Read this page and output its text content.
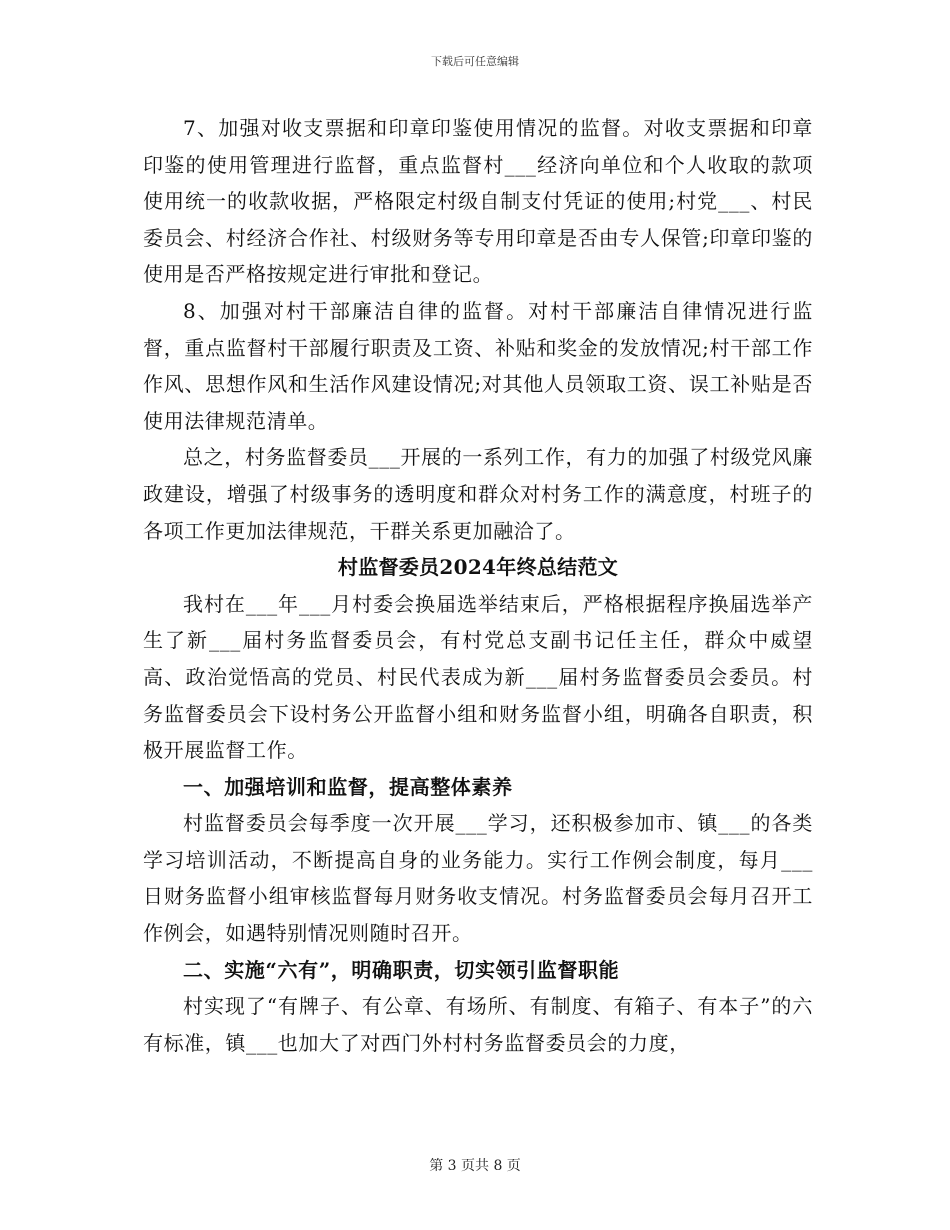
下载后可任意编辑

7、加强对收支票据和印章印鉴使用情况的监督。对收支票据和印章印鉴的使用管理进行监督，重点监督村___经济向单位和个人收取的款项使用统一的收款收据，严格限定村级自制支付凭证的使用;村党___、村民委员会、村经济合作社、村级财务等专用印章是否由专人保管;印章印鉴的使用是否严格按规定进行审批和登记。

8、加强对村干部廉洁自律的监督。对村干部廉洁自律情况进行监督，重点监督村干部履行职责及工资、补贴和奖金的发放情况;村干部工作作风、思想作风和生活作风建设情况;对其他人员领取工资、误工补贴是否使用法律规范清单。

总之，村务监督委员___开展的一系列工作，有力的加强了村级党风廉政建设，增强了村级事务的透明度和群众对村务工作的满意度，村班子的各项工作更加法律规范，干群关系更加融洽了。

村监督委员2024年终总结范文

我村在___年___月村委会换届选举结束后，严格根据程序换届选举产生了新___届村务监督委员会，有村党总支副书记任主任，群众中威望高、政治觉悟高的党员、村民代表成为新___届村务监督委员会委员。村务监督委员会下设村务公开监督小组和财务监督小组，明确各自职责，积极开展监督工作。

一、加强培训和监督，提高整体素养

村监督委员会每季度一次开展___学习，还积极参加市、镇___的各类学习培训活动，不断提高自身的业务能力。实行工作例会制度，每月___日财务监督小组审核监督每月财务收支情况。村务监督委员会每月召开工作例会，如遇特别情况则随时召开。

二、实施“六有”，明确职责，切实领引监督职能

村实现了“有牌子、有公章、有场所、有制度、有箱子、有本子”的六有标准，镇___也加大了对西门外村村务监督委员会的力度，

第 3 页共 8 页
